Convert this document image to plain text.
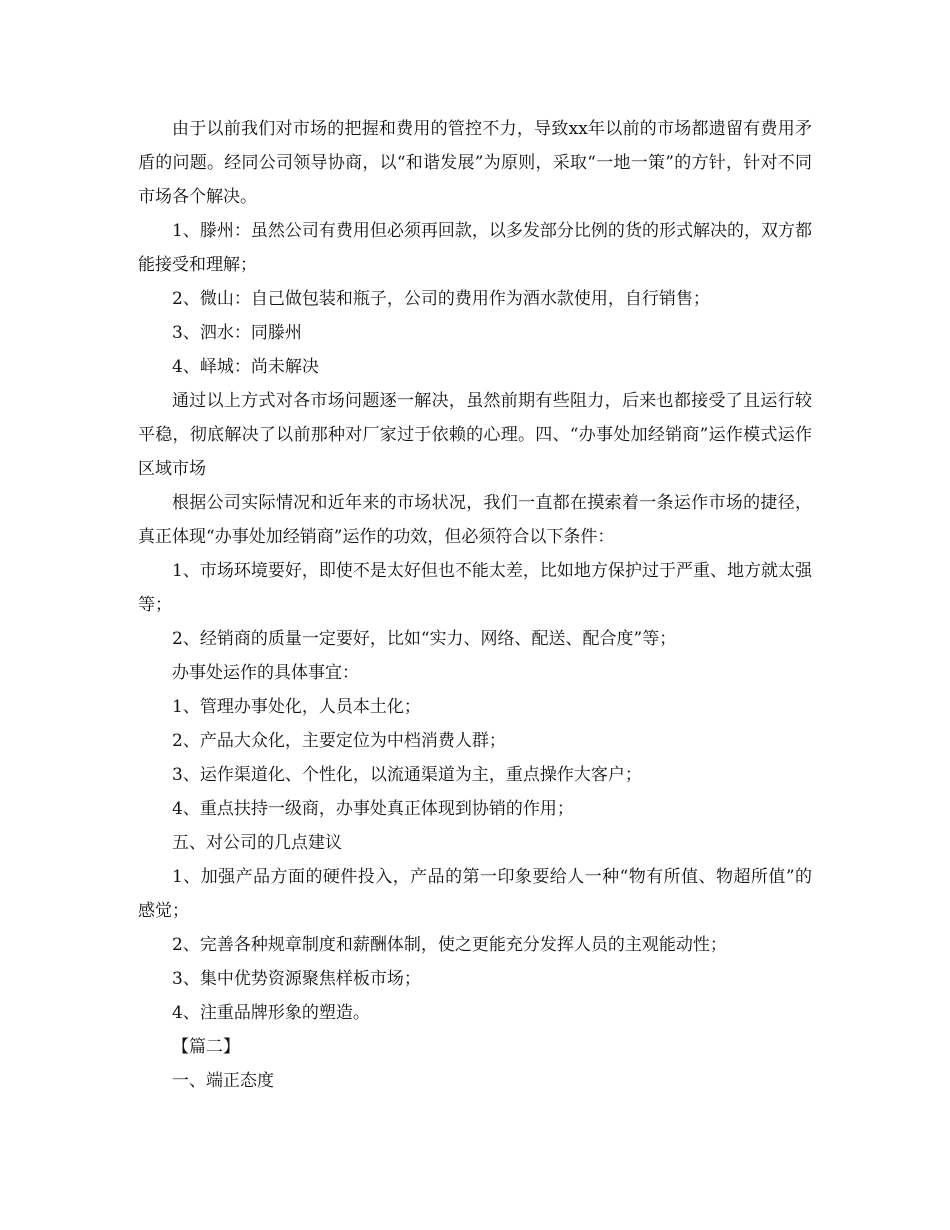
由于以前我们对市场的把握和费用的管控不力，导致xx年以前的市场都遗留有费用矛盾的问题。经同公司领导协商，以“和谐发展”为原则，采取“一地一策”的方针，针对不同市场各个解决。

1、滕州：虽然公司有费用但必须再回款，以多发部分比例的货的形式解决的，双方都能接受和理解；

2、微山：自己做包装和瓶子，公司的费用作为酒水款使用，自行销售；

3、泗水：同滕州

4、峄城：尚未解决

通过以上方式对各市场问题逐一解决，虽然前期有些阻力，后来也都接受了且运行较平稳，彻底解决了以前那种对厂家过于依赖的心理。四、“办事处加经销商”运作模式运作区域市场

根据公司实际情况和近年来的市场状况，我们一直都在摸索着一条运作市场的捷径，真正体现“办事处加经销商”运作的功效，但必须符合以下条件：

1、市场环境要好，即使不是太好但也不能太差，比如地方保护过于严重、地方就太强等；

2、经销商的质量一定要好，比如“实力、网络、配送、配合度”等；

办事处运作的具体事宜：

1、管理办事处化，人员本土化；

2、产品大众化，主要定位为中档消费人群；

3、运作渠道化、个性化，以流通渠道为主，重点操作大客户；

4、重点扶持一级商，办事处真正体现到协销的作用；

五、对公司的几点建议

1、加强产品方面的硬件投入，产品的第一印象要给人一种“物有所值、物超所值”的感觉；

2、完善各种规章制度和薪酬体制，使之更能充分发挥人员的主观能动性；

3、集中优势资源聚焦样板市场；

4、注重品牌形象的塑造。

【篇二】

一、端正态度
